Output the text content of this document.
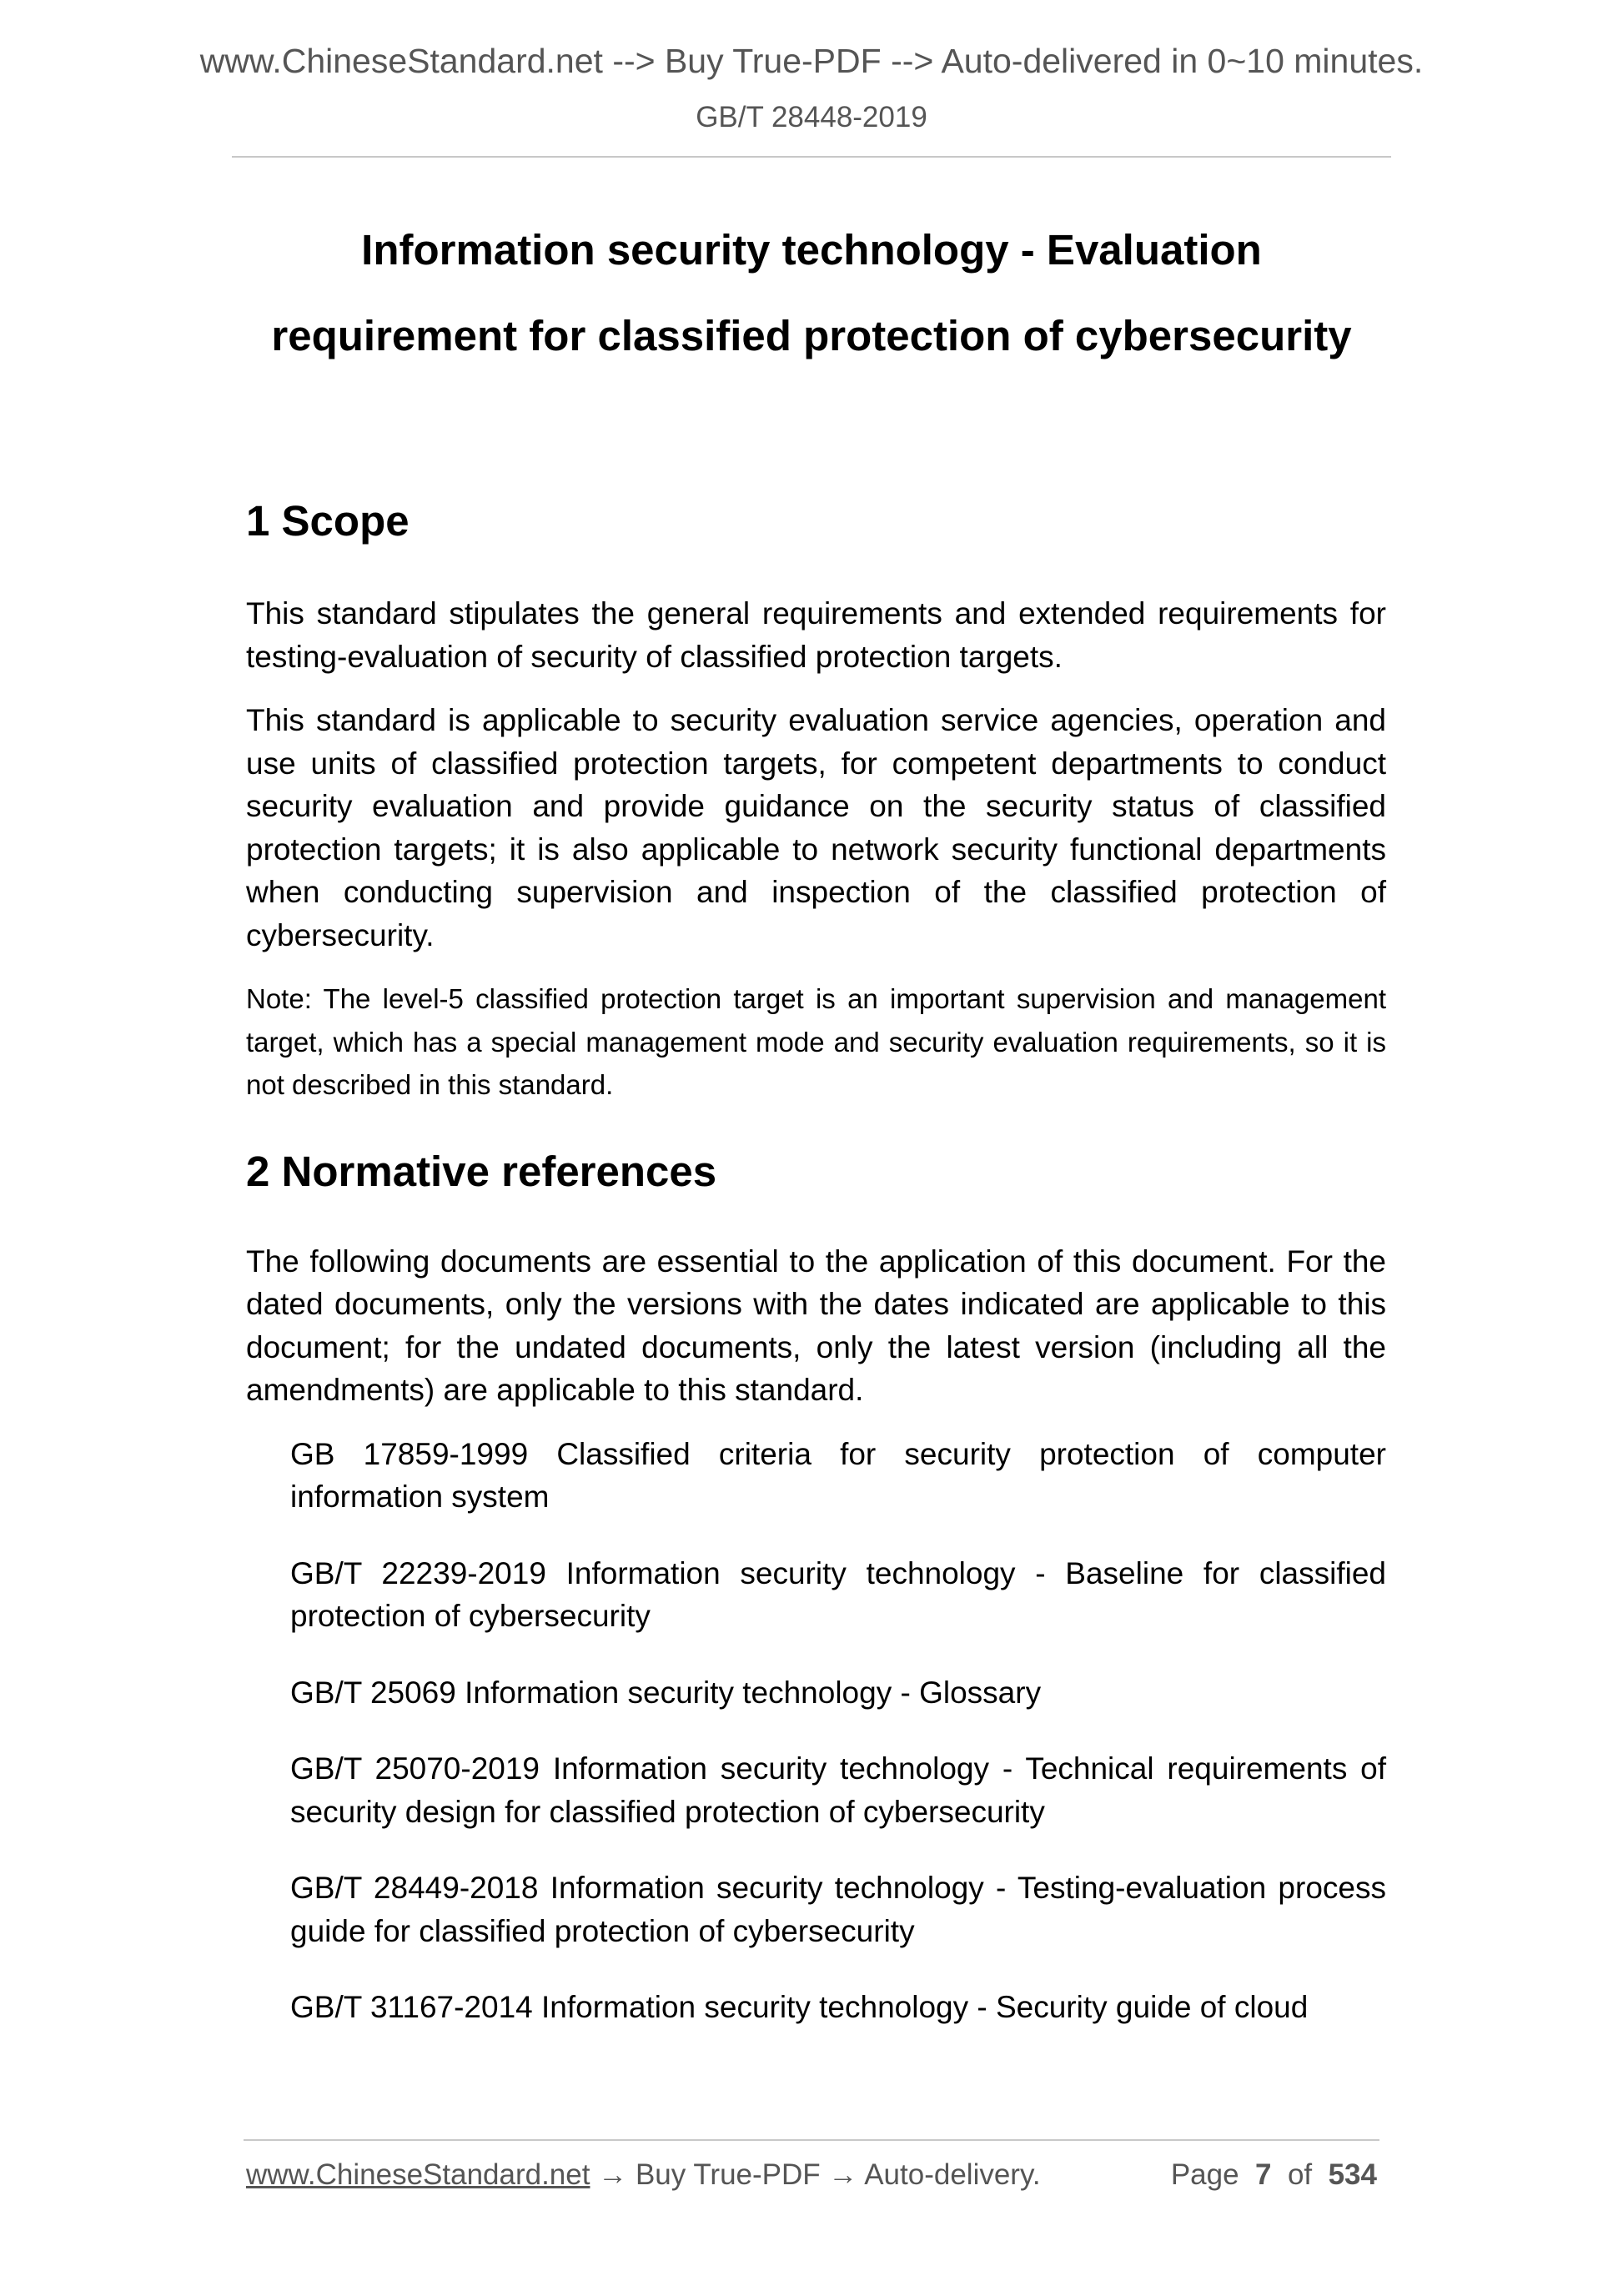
www.ChineseStandard.net --> Buy True-PDF --> Auto-delivered in 0~10 minutes.
GB/T 28448-2019
Information security technology - Evaluation
requirement for classified protection of cybersecurity
1 Scope

This standard stipulates the general requirements and extended requirements for testing-evaluation of security of classified protection targets.

This standard is applicable to security evaluation service agencies, operation and use units of classified protection targets, for competent departments to conduct security evaluation and provide guidance on the security status of classified protection targets; it is also applicable to network security functional departments when conducting supervision and inspection of the classified protection of cybersecurity.

Note: The level-5 classified protection target is an important supervision and management target, which has a special management mode and security evaluation requirements, so it is not described in this standard.

2 Normative references

The following documents are essential to the application of this document. For the dated documents, only the versions with the dates indicated are applicable to this document; for the undated documents, only the latest version (including all the amendments) are applicable to this standard.

GB 17859-1999 Classified criteria for security protection of computer information system

GB/T 22239-2019 Information security technology - Baseline for classified protection of cybersecurity

GB/T 25069 Information security technology - Glossary

GB/T 25070-2019 Information security technology - Technical requirements of security design for classified protection of cybersecurity

GB/T 28449-2018 Information security technology - Testing-evaluation process guide for classified protection of cybersecurity

GB/T 31167-2014 Information security technology - Security guide of cloud

www.ChineseStandard.net → Buy True-PDF → Auto-delivery.	Page 7 of 534
